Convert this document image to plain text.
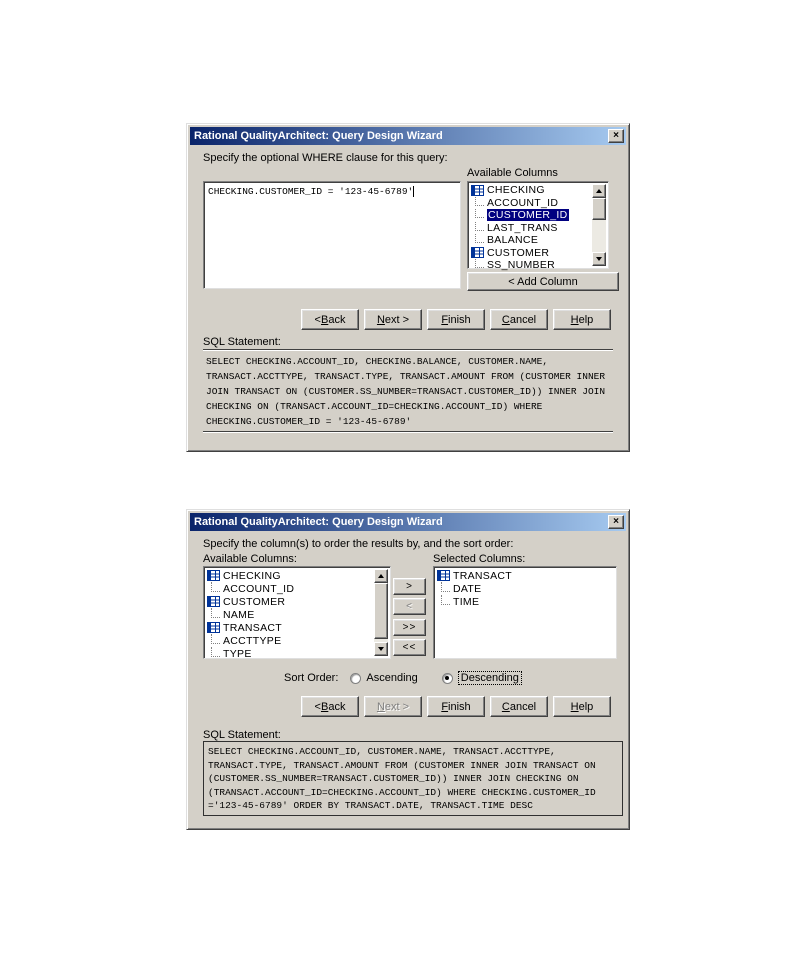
Rational QualityArchitect: Query Design Wizard	×
Specify the optional WHERE clause for this query:
CHECKING.CUSTOMER_ID = '123-45-6789'
Available Columns
CHECKING
ACCOUNT_ID
CUSTOMER_ID
LAST_TRANS
BALANCE
CUSTOMER
SS_NUMBER
< Add Column
< B ack	N ext >	F inish	C ancel	H elp
SQL Statement:
SELECT CHECKING.ACCOUNT_ID, CHECKING.BALANCE, CUSTOMER.NAME,
TRANSACT.ACCTTYPE, TRANSACT.TYPE, TRANSACT.AMOUNT FROM (CUSTOMER INNER
JOIN TRANSACT ON (CUSTOMER.SS_NUMBER=TRANSACT.CUSTOMER_ID)) INNER JOIN
CHECKING ON (TRANSACT.ACCOUNT_ID=CHECKING.ACCOUNT_ID) WHERE
CHECKING.CUSTOMER_ID = '123-45-6789'
Rational QualityArchitect: Query Design Wizard	×
Specify the column(s) to order the results by, and the sort order:
Available Columns:	Selected Columns:
CHECKING
ACCOUNT_ID
CUSTOMER
NAME
TRANSACT
ACCTTYPE
TYPE
>
<
>>
<<
TRANSACT
DATE
TIME
Sort Order:	Ascending	Descending
< B ack	N ext >	F inish	C ancel	H elp
SQL Statement:
SELECT CHECKING.ACCOUNT_ID, CUSTOMER.NAME, TRANSACT.ACCTTYPE,
TRANSACT.TYPE, TRANSACT.AMOUNT FROM (CUSTOMER INNER JOIN TRANSACT ON
(CUSTOMER.SS_NUMBER=TRANSACT.CUSTOMER_ID)) INNER JOIN CHECKING ON
(TRANSACT.ACCOUNT_ID=CHECKING.ACCOUNT_ID) WHERE CHECKING.CUSTOMER_ID
='123-45-6789' ORDER BY TRANSACT.DATE, TRANSACT.TIME DESC
